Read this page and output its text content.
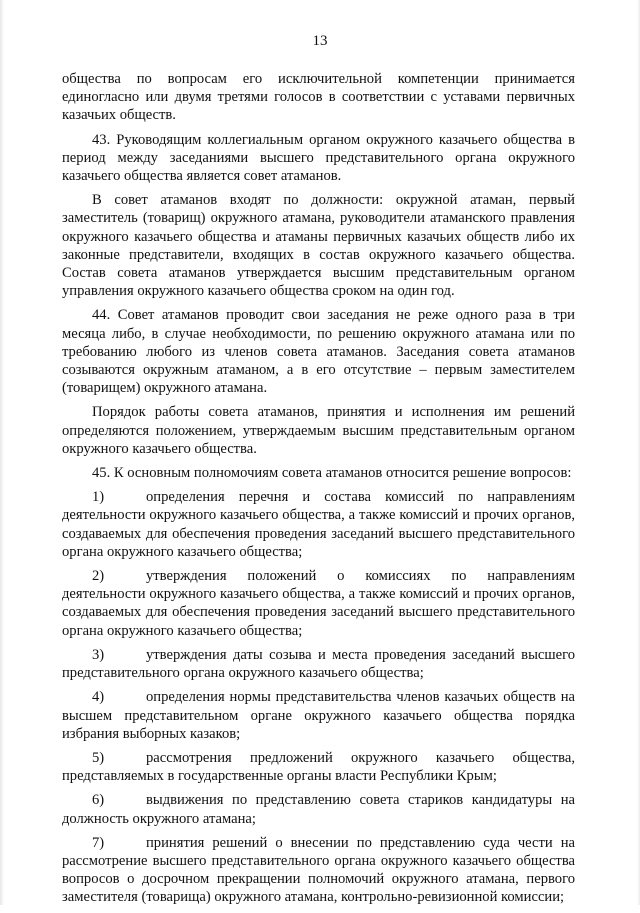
13

общества по вопросам его исключительной компетенции принимается единогласно или двумя третями голосов в соответствии с уставами первичных казачьих обществ.

43. Руководящим коллегиальным органом окружного казачьего общества в период между заседаниями высшего представительного органа окружного казачьего общества является совет атаманов.

В совет атаманов входят по должности: окружной атаман, первый заместитель (товарищ) окружного атамана, руководители атаманского правления окружного казачьего общества и атаманы первичных казачьих обществ либо их законные представители, входящих в состав окружного казачьего общества. Состав совета атаманов утверждается высшим представительным органом управления окружного казачьего общества сроком на один год.

44. Совет атаманов проводит свои заседания не реже одного раза в три месяца либо, в случае необходимости, по решению окружного атамана или по требованию любого из членов совета атаманов. Заседания совета атаманов созываются окружным атаманом, а в его отсутствие – первым заместителем (товарищем) окружного атамана.

Порядок работы совета атаманов, принятия и исполнения им решений определяются положением, утверждаемым высшим представительным органом окружного казачьего общества.

45. К основным полномочиям совета атаманов относится решение вопросов:

1)	определения перечня и состава комиссий по направлениям деятельности окружного казачьего общества, а также комиссий и прочих органов, создаваемых для обеспечения проведения заседаний высшего представительного органа окружного казачьего общества;

2)	утверждения положений о комиссиях по направлениям деятельности окружного казачьего общества, а также комиссий и прочих органов, создаваемых для обеспечения проведения заседаний высшего представительного органа окружного казачьего общества;

3)	утверждения даты созыва и места проведения заседаний высшего представительного органа окружного казачьего общества;

4)	определения нормы представительства членов казачьих обществ на высшем представительном органе окружного казачьего общества порядка избрания выборных казаков;

5)	рассмотрения предложений окружного казачьего общества, представляемых в государственные органы власти Республики Крым;

6)	выдвижения по представлению совета стариков кандидатуры на должность окружного атамана;

7)	принятия решений о внесении по представлению суда чести на рассмотрение высшего представительного органа окружного казачьего общества вопросов о досрочном прекращении полномочий окружного атамана, первого заместителя (товарища) окружного атамана, контрольно-ревизионной комиссии;
